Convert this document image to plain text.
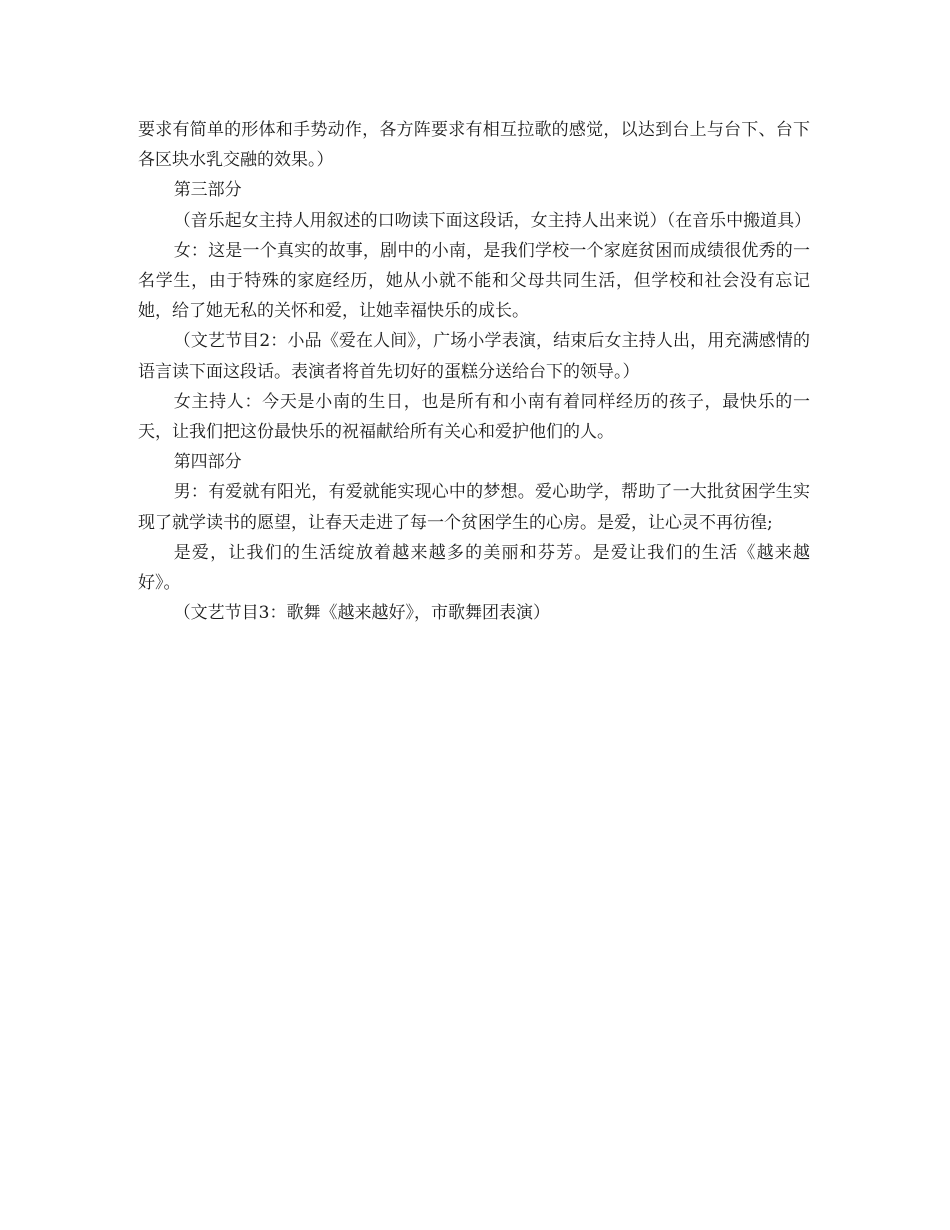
要求有简单的形体和手势动作，各方阵要求有相互拉歌的感觉，以达到台上与台下、台下各区块水乳交融的效果。）

第三部分

（音乐起女主持人用叙述的口吻读下面这段话，女主持人出来说）（在音乐中搬道具）

女：这是一个真实的故事，剧中的小南，是我们学校一个家庭贫困而成绩很优秀的一名学生，由于特殊的家庭经历，她从小就不能和父母共同生活，但学校和社会没有忘记她，给了她无私的关怀和爱，让她幸福快乐的成长。

（文艺节目2：小品《爱在人间》，广场小学表演，结束后女主持人出，用充满感情的语言读下面这段话。表演者将首先切好的蛋糕分送给台下的领导。）

女主持人：今天是小南的生日，也是所有和小南有着同样经历的孩子，最快乐的一天，让我们把这份最快乐的祝福献给所有关心和爱护他们的人。

第四部分

男：有爱就有阳光，有爱就能实现心中的梦想。爱心助学，帮助了一大批贫困学生实现了就学读书的愿望，让春天走进了每一个贫困学生的心房。是爱，让心灵不再彷徨;

是爱，让我们的生活绽放着越来越多的美丽和芬芳。是爱让我们的生活《越来越好》。

（文艺节目3：歌舞《越来越好》，市歌舞团表演）
